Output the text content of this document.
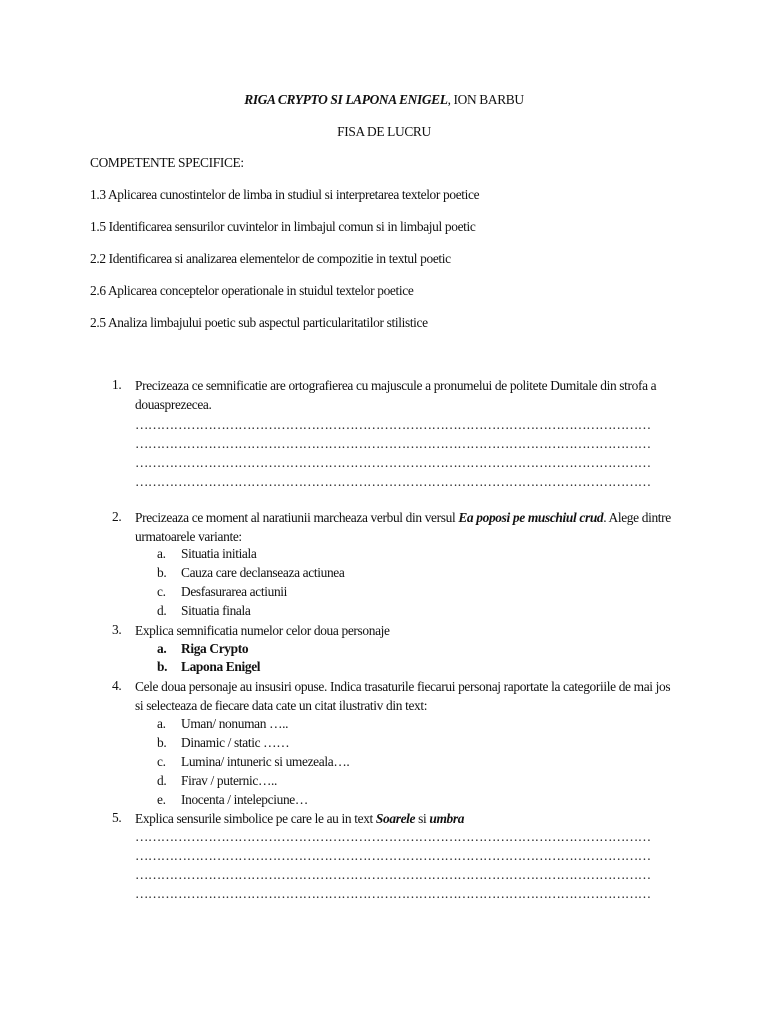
RIGA CRYPTO SI LAPONA ENIGEL, ION BARBU
FISA DE LUCRU
COMPETENTE SPECIFICE:
1.3 Aplicarea cunostintelor de limba in studiul si interpretarea textelor poetice
1.5 Identificarea sensurilor cuvintelor in limbajul comun si in limbajul poetic
2.2 Identificarea si analizarea elementelor de compozitie in textul poetic
2.6 Aplicarea conceptelor operationale in stuidul textelor poetice
2.5 Analiza limbajului poetic sub aspectul particularitatilor stilistice
1. Precizeaza ce semnificatie are ortografierea cu majuscule a pronumelui de politete Dumitale din strofa a douasprezecea.
…………………………………………………………………………………………………………
…………………………………………………………………………………………………………
…………………………………………………………………………………………………………
…………………………………………………………………………………………………………
2. Precizeaza ce moment al naratiunii marcheaza verbul din versul Ea poposi pe muschiul crud. Alege dintre urmatoarele variante:
a. Situatia initiala
b. Cauza care declanseaza actiunea
c. Desfasurarea actiunii
d. Situatia finala
3. Explica semnificatia numelor celor doua personaje
a. Riga Crypto
b. Lapona Enigel
4. Cele doua personaje au insusiri opuse. Indica trasaturile fiecarui personaj raportate la categoriile de mai jos si selecteaza de fiecare data cate un citat ilustrativ din text:
a. Uman/ nonuman …..
b. Dinamic / static ……
c. Lumina/ intuneric si umezeala….
d. Firav / puternic…..
e. Inocenta / intelepciune…
5. Explica sensurile simbolice pe care le au in text Soarele si umbra
…………………………………………………………………………………………………………
…………………………………………………………………………………………………………
…………………………………………………………………………………………………………
…………………………………………………………………………………………………………
